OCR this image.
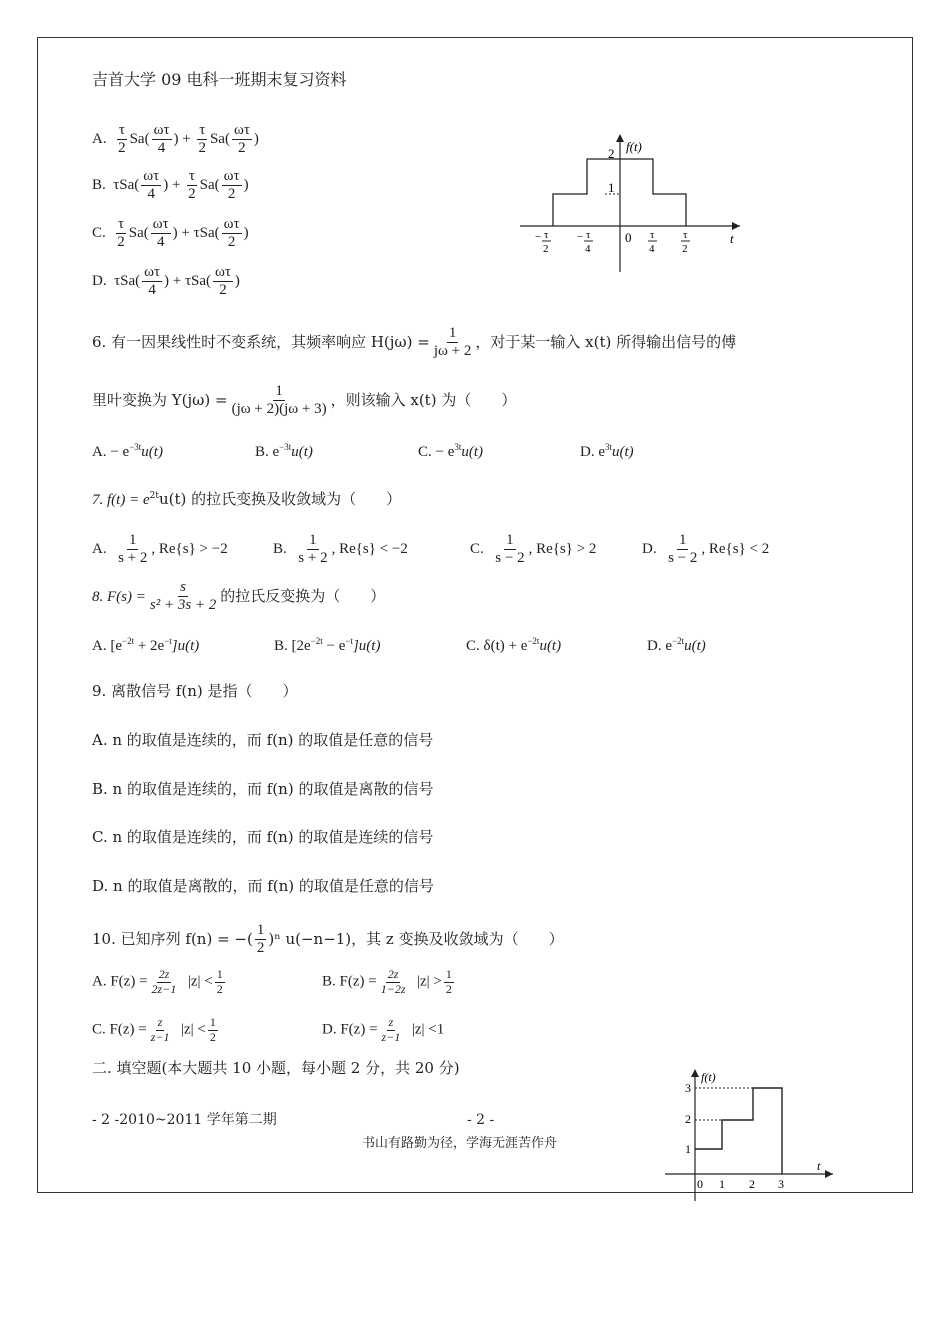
吉首大学 09 电科一班期末复习资料
A. $\frac{\tau}{2} Sa( \frac{\omega\tau}{4}$ ) + $\frac{\tau}{2} Sa( \frac{\omega\tau}{2}$ )
B. $\tau Sa( \frac{\omega\tau}{4}$ ) + $\frac{\tau}{2} Sa( \frac{\omega\tau}{2}$ )
C. $\frac{\tau}{2} Sa( \frac{\omega\tau}{4}$ ) + $\tau Sa( \frac{\omega\tau}{2}$ )
D. $\tau Sa( \frac{\omega\tau}{4}$ ) + $\tau Sa( \frac{\omega\tau}{2}$ )
f(t)
2
1
0	t
− τ
2
− τ
4
τ
4
τ
2
6. 有一因果线性时不变系统，其频率响应 $H(j\omega) = \frac{1}{j\omega + 2}$ ，对于某一输入 x(t) 所得输出信号的傅
里叶变换为 $Y(j\omega) = \frac{1}{(j\omega + 2)(j\omega + 3)}$ ，则该输入 x(t) 为（　　）
A. − $e^{-3t}u(t)$	B. $e^{-3t}u(t)$	C. − $e^{3t}u(t)$	D. $e^{3t}u(t)$
7. $f(t) = e^{2t}u(t)$ 的拉氏变换及收敛域为（　　）
A. $\frac{1}{s + 2}$ , Re{s} > −2	B. $\frac{1}{s + 2}$ , Re{s} < −2	C. $\frac{1}{s - 2}$ , Re{s} > 2	D. $\frac{1}{s - 2}$ , Re{s} < 2
8. $F(s) = \frac{s}{\text{s² + 3s + 2}}$ 的拉氏反变换为（　　）
A. $[e^{-2t} + 2e^{-t}]u(t)$	B. $[2e^{-2t} - e^{-t}]u(t)$	C. $\delta(t) + e^{-2t}u(t)$	D. $e^{-2t}u(t)$
9. 离散信号 f(n) 是指（　　）
A. n 的取值是连续的，而 f(n) 的取值是任意的信号
B. n 的取值是连续的，而 f(n) 的取值是离散的信号
C. n 的取值是连续的，而 f(n) 的取值是连续的信号
D. n 的取值是离散的，而 f(n) 的取值是任意的信号
10. 已知序列 f(n) = −( $\frac{1}{2} )^n$ u(−n−1)，其 z 变换及收敛域为（　　）
A. $F(z) = \frac{2z}{2z-1} |z| < \frac{1}{2}$	B. $F(z) = \frac{2z}{1-2z} |z| > \frac{1}{2}$
C. $F(z) = \frac{z}{z-1} |z| < \frac{1}{2}$	D. $F(z) = \frac{z}{z-1} |z| <1$
二. 填空题(本大题共 10 小题，每小题 2 分，共 20 分)
- 2 -2010~2011 学年第二期	- 2 -
书山有路勤为径，学海无涯苦作舟
f(t)
3
2
1
0 1 2 3
t
